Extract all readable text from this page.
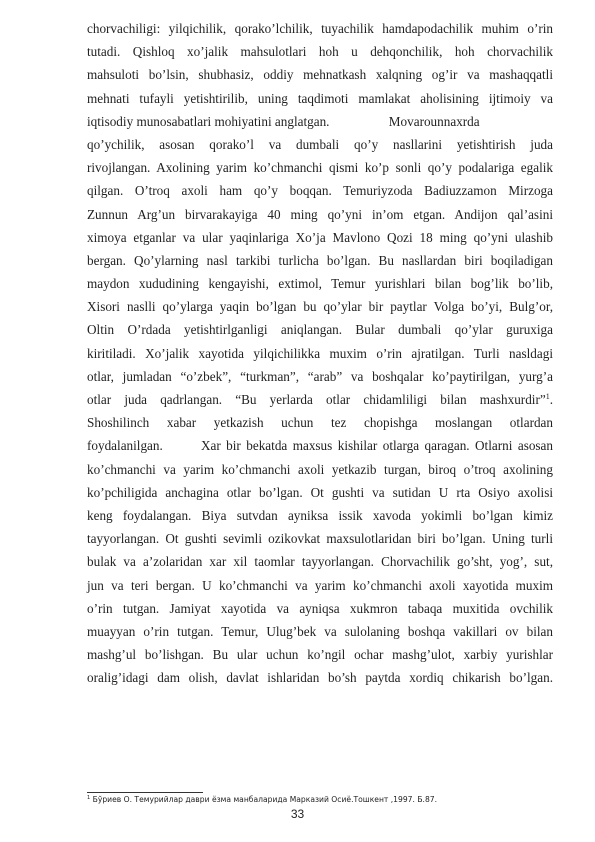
chorvachiligi: yilqichilik, qorako’lchilik, tuyachilik hamdapodachilik muhim o’rin
tutadi. Qishloq xo’jalik mahsulotlari hoh u dehqonchilik, hoh chorvachilik
mahsuloti bo’lsin, shubhasiz, oddiy mehnatkash xalqning og’ir va mashaqqatli
mehnati tufayli yetishtirilib, uning taqdimoti mamlakat aholisining ijtimoiy va
iqtisodiy munosabatlari mohiyatini anglatgan.                  Movarounnaxrda
qo’ychilik, asosan qorako’l va dumbali qo’y nasllarini yetishtirish juda
rivojlangan. Axolining yarim ko’chmanchi qismi ko’p sonli qo’y podalariga egalik
qilgan. O’troq axoli ham qo’y boqqan. Temuriyzoda Badiuzzamon Mirzoga
Zunnun Arg’un birvarakayiga 40 ming qo’yni in’om etgan. Andijon qal’asini
ximoya etganlar va ular yaqinlariga Xo’ja Mavlono Qozi 18 ming qo’yni ulashib
bergan. Qo’ylarning nasl tarkibi turlicha bo’lgan. Bu nasllardan biri boqiladigan
maydon xududining kengayishi, extimol, Temur yurishlari bilan bog’lik bo’lib,
Xisori naslli qo’ylarga yaqin bo’lgan bu qo’ylar bir paytlar Volga bo’yi, Bulg’or,
Oltin O’rdada yetishtirlganligi aniqlangan. Bular dumbali qo’ylar guruxiga
kiritiladi. Xo’jalik xayotida yilqichilikka muxim o’rin ajratilgan. Turli nasldagi
otlar, jumladan “o’zbek”, “turkman”, “arab” va boshqalar ko’paytirilgan, yurg’a
otlar juda qadrlangan. “Bu yerlarda otlar chidamliligi bilan mashxurdir”$^1$.
Shoshilinch xabar yetkazish uchun tez chopishga moslangan otlardan
foydalanilgan.       Xar bir bekatda maxsus kishilar otlarga qaragan. Otlarni asosan
ko’chmanchi va yarim ko’chmanchi axoli yetkazib turgan, biroq o’troq axolining
ko’pchiligida anchagina otlar bo’lgan. Ot gushti va sutidan U rta Osiyo axolisi
keng foydalangan. Biya sutvdan ayniksa issik xavoda yokimli bo’lgan kimiz
tayyorlangan. Ot gushti sevimli ozikovkat maxsulotlaridan biri bo’lgan. Uning turli
bulak va a’zolaridan xar xil taomlar tayyorlangan. Chorvachilik go’sht, yog’, sut,
jun va teri bergan. U ko’chmanchi va yarim ko’chmanchi axoli xayotida muxim
o’rin tutgan. Jamiyat xayotida va ayniqsa xukmron tabaqa muxitida ovchilik
muayyan o’rin tutgan. Temur, Ulug’bek va sulolaning boshqa vakillari ov bilan
mashg’ul bo’lishgan. Bu ular uchun ko’ngil ochar mashg’ulot, xarbiy yurishlar
oralig’idagi dam olish, davlat ishlaridan bo’sh paytda xordiq chikarish bo’lgan.
$^1$ Бўриев О. Темурийлар даври ёзма манбаларида Марказий Осиё.Тошкент ,1997. Б.87.
33
